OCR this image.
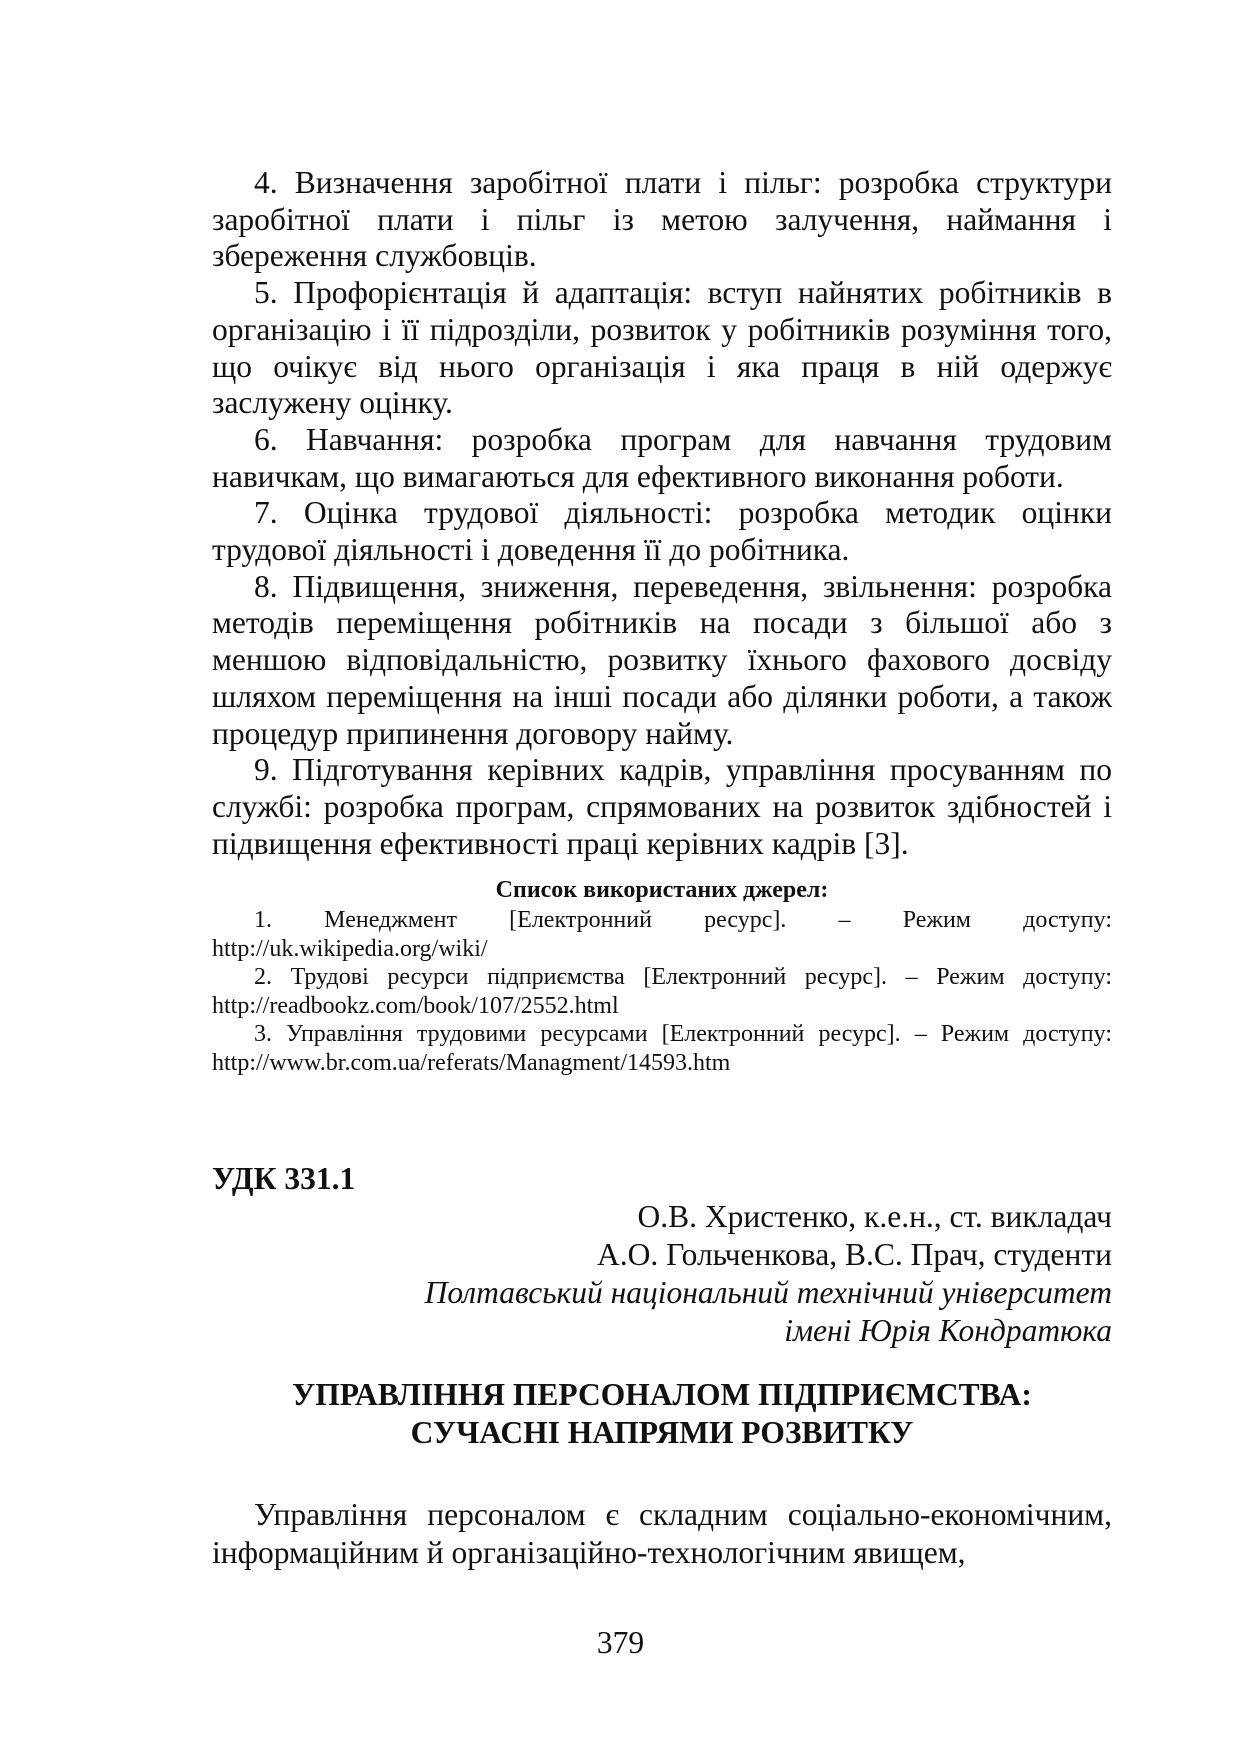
4. Визначення заробітної плати і пільг: розробка структури заробітної плати і пільг із метою залучення, наймання і збереження службовців.

5. Профорієнтація й адаптація: вступ найнятих робітників в організацію і її підрозділи, розвиток у робітників розуміння того, що очікує від нього організація і яка праця в ній одержує заслужену оцінку.

6. Навчання: розробка програм для навчання трудовим навичкам, що вимагаються для ефективного виконання роботи.

7. Оцінка трудової діяльності: розробка методик оцінки трудової діяльності і доведення її до робітника.

8. Підвищення, зниження, переведення, звільнення: розробка методів переміщення робітників на посади з більшої або з меншою відповідальністю, розвитку їхнього фахового досвіду шляхом переміщення на інші посади або ділянки роботи, а також процедур припинення договору найму.

9. Підготування керівних кадрів, управління просуванням по службі: розробка програм, спрямованих на розвиток здібностей і підвищення ефективності праці керівних кадрів [3].

Список використаних джерел:

1. Менеджмент [Електронний ресурс]. – Режим доступу: http://uk.wikipedia.org/wiki/

2. Трудові ресурси підприємства [Електронний ресурс]. – Режим доступу: http://readbookz.com/book/107/2552.html

3. Управління трудовими ресурсами [Електронний ресурс]. – Режим доступу: http://www.br.com.ua/referats/Managment/14593.htm

УДК 331.1
О.В. Христенко, к.е.н., ст. викладач
А.О. Гольченкова, В.С. Прач, студенти
Полтавський національний технічний університет
імені Юрія Кондратюка
УПРАВЛІННЯ ПЕРСОНАЛОМ ПІДПРИЄМСТВА:
СУЧАСНІ НАПРЯМИ РОЗВИТКУ

Управління персоналом є складним соціально-економічним, інформаційним й організаційно-технологічним явищем,

379
